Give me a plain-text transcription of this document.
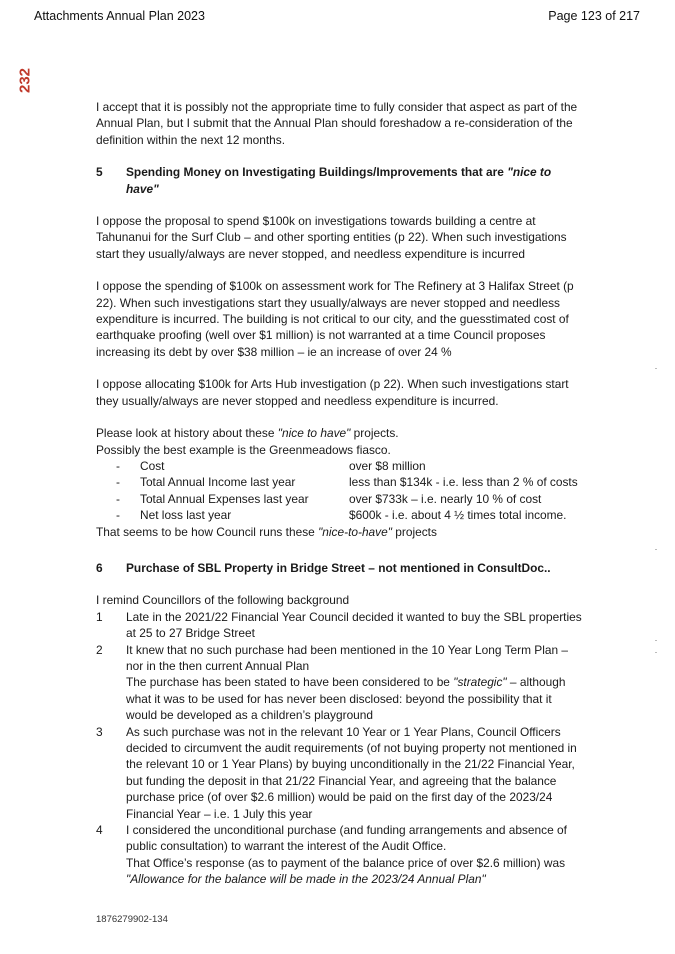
Attachments Annual Plan 2023	Page 123 of 217
232

I accept that it is possibly not the appropriate time to fully consider that aspect as part of the Annual Plan, but I submit that the Annual Plan should foreshadow a re-consideration of the definition within the next 12 months.

5	Spending Money on Investigating Buildings/Improvements that are "nice to have"

I oppose the proposal to spend $100k on investigations towards building a centre at Tahunanui for the Surf Club – and other sporting entities (p 22). When such investigations start they usually/always are never stopped, and needless expenditure is incurred

I oppose the spending of $100k on assessment work for The Refinery at 3 Halifax Street (p 22). When such investigations start they usually/always are never stopped and needless expenditure is incurred. The building is not critical to our city, and the guesstimated cost of earthquake proofing (well over $1 million) is not warranted at a time Council proposes increasing its debt by over $38 million – ie an increase of over 24 %

I oppose allocating $100k for Arts Hub investigation (p 22). When such investigations start they usually/always are never stopped and needless expenditure is incurred.

Please look at history about these "nice to have" projects.

Possibly the best example is the Greenmeadows fiasco.

-	Cost	over $8 million
-	Total Annual Income last year	less than $134k - i.e. less than 2 % of costs
-	Total Annual Expenses last year	over $733k – i.e. nearly 10 % of cost
-	Net loss last year	$600k - i.e. about 4 ½ times total income.

That seems to be how Council runs these "nice-to-have" projects

6	Purchase of SBL Property in Bridge Street – not mentioned in ConsultDoc..

I remind Councillors of the following background

1	Late in the 2021/22 Financial Year Council decided it wanted to buy the SBL properties at 25 to 27 Bridge Street
2	It knew that no such purchase had been mentioned in the 10 Year Long Term Plan – nor in the then current Annual Plan
The purchase has been stated to have been considered to be "strategic" – although what it was to be used for has never been disclosed: beyond the possibility that it would be developed as a children’s playground
3	As such purchase was not in the relevant 10 Year or 1 Year Plans, Council Officers decided to circumvent the audit requirements (of not buying property not mentioned in the relevant 10 or 1 Year Plans) by buying unconditionally in the 21/22 Financial Year, but funding the deposit in that 21/22 Financial Year, and agreeing that the balance purchase price (of over $2.6 million) would be paid on the first day of the 2023/24 Financial Year – i.e. 1 July this year
4	I considered the unconditional purchase (and funding arrangements and absence of public consultation) to warrant the interest of the Audit Office.
That Office’s response (as to payment of the balance price of over $2.6 million) was "Allowance for the balance will be made in the 2023/24 Annual Plan"
1876279902-134
